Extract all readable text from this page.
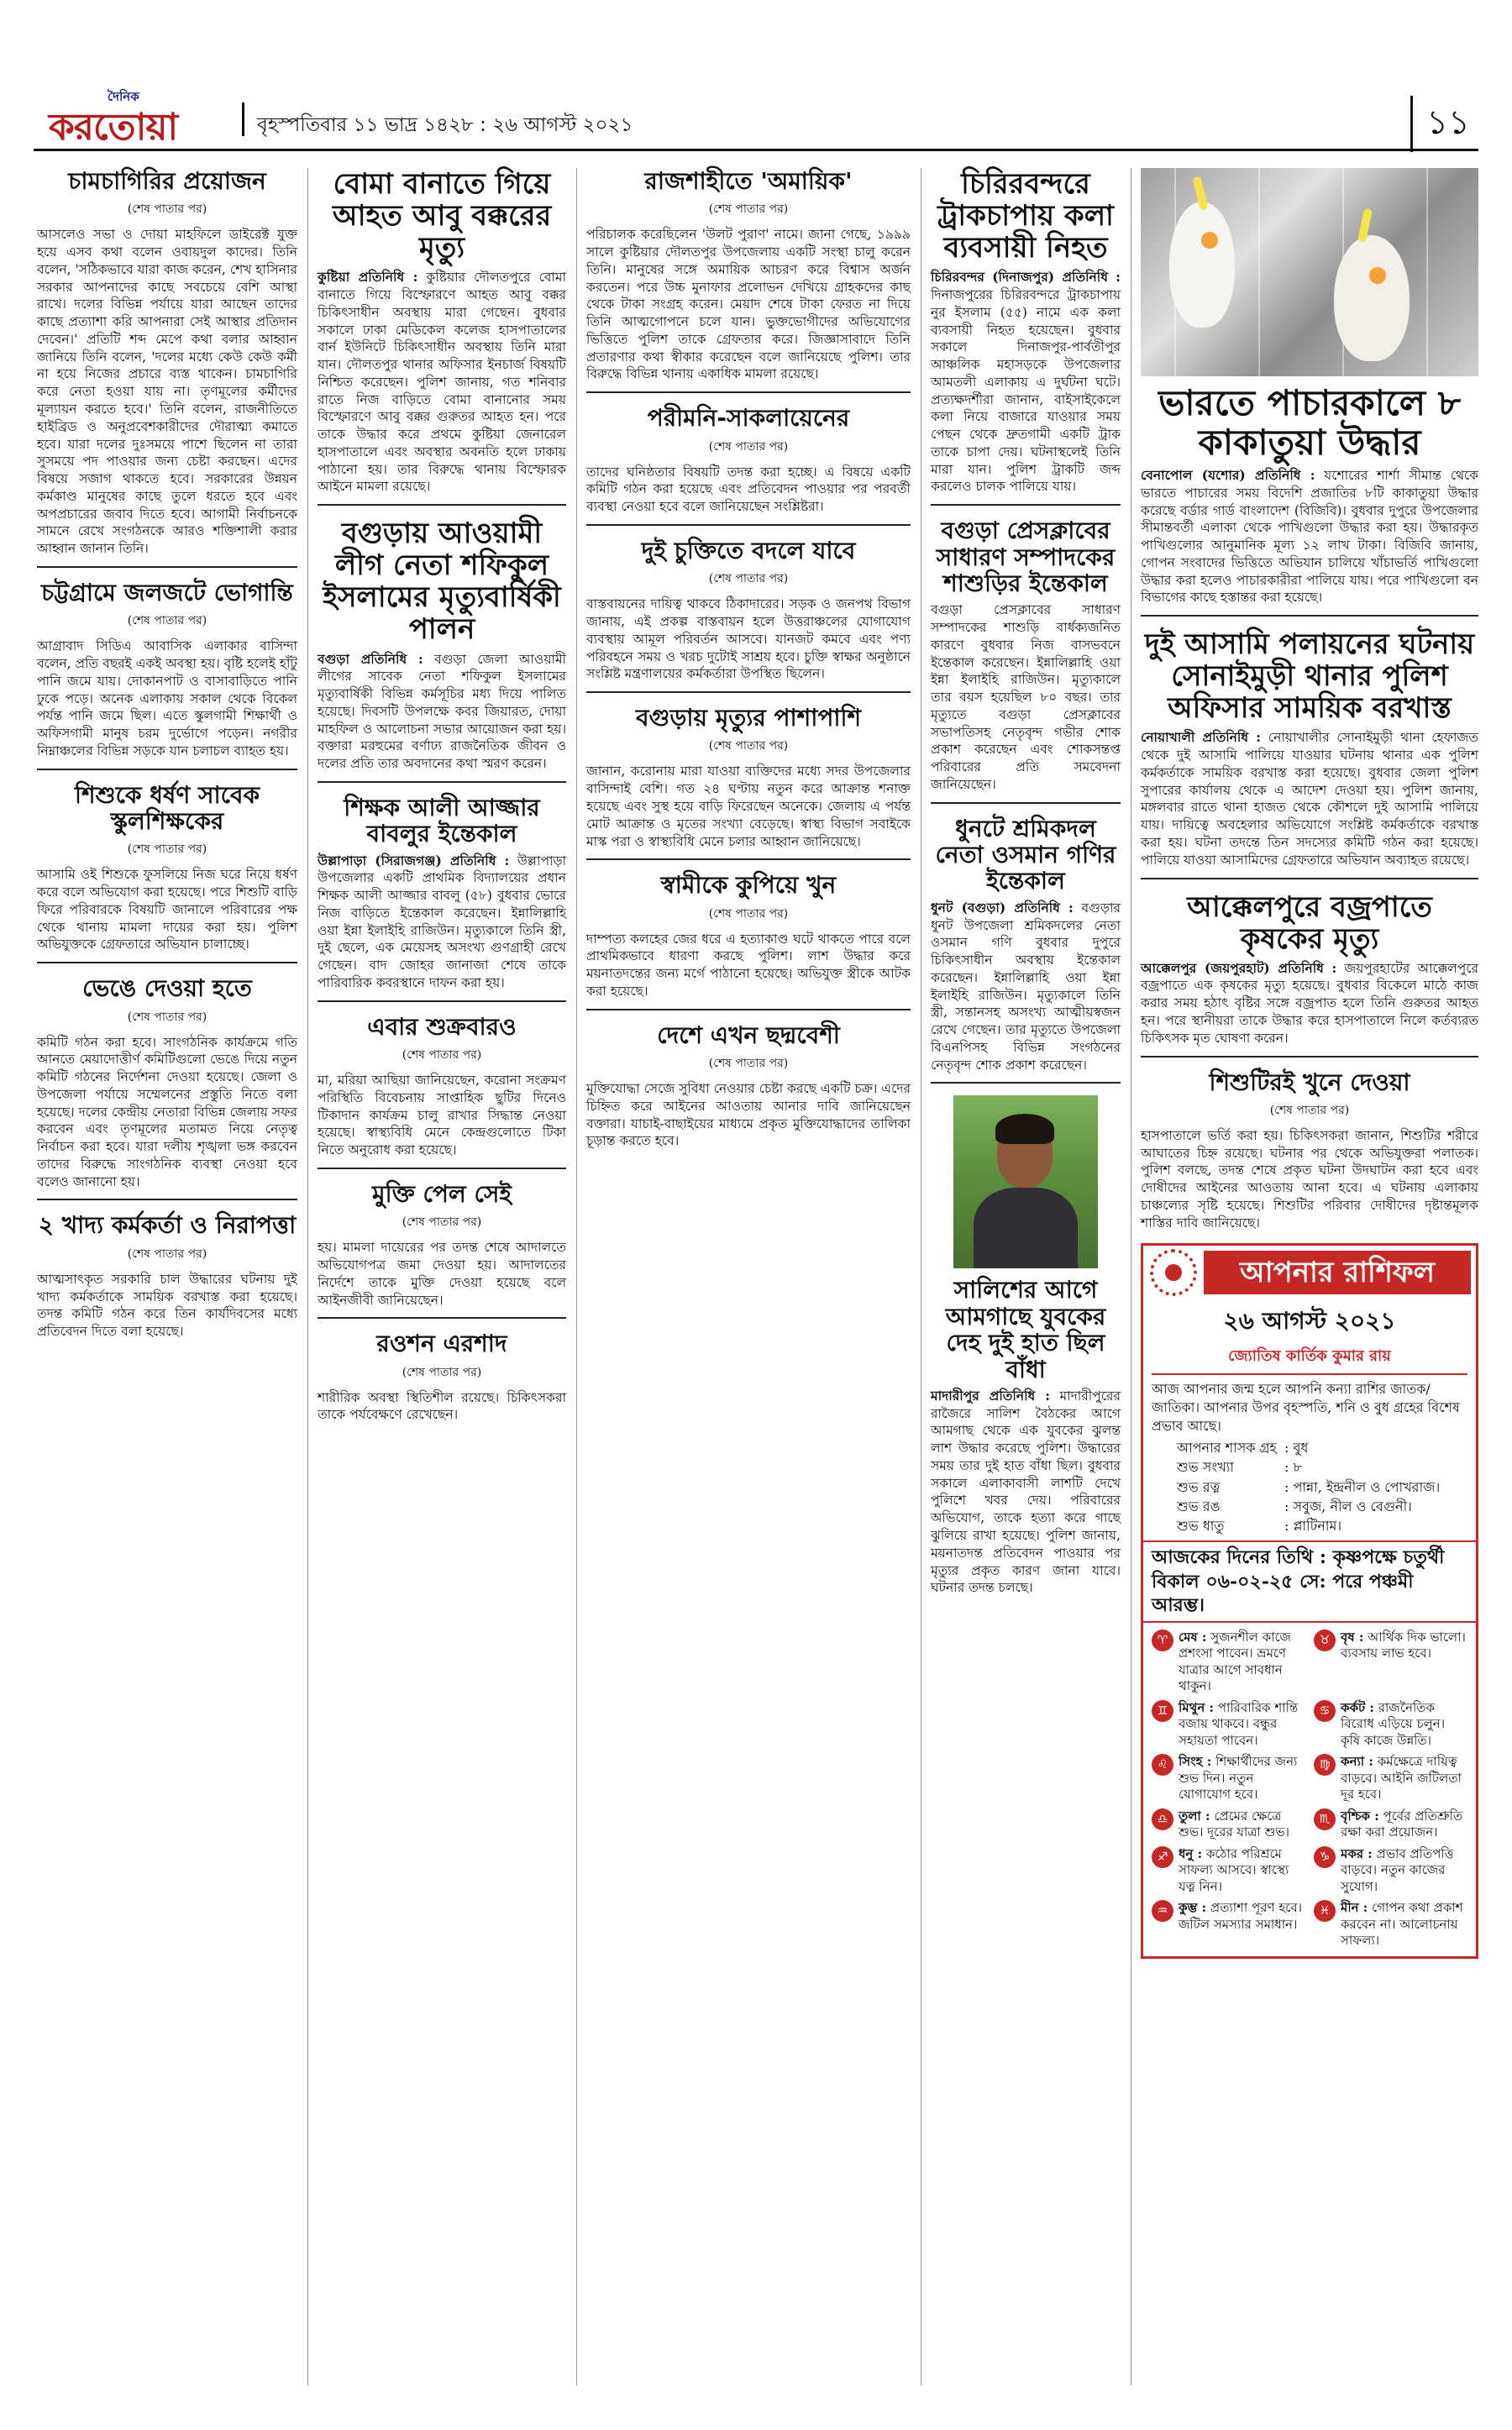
দৈনিক
করতোয়া	বৃহস্পতিবার ১১ ভাদ্র ১৪২৮ : ২৬ আগস্ট ২০২১	১১
চামচাগিরির প্রয়োজন
(শেষ পাতার পর)
আসলেও সভা ও দোয়া মাহফিলে ডাইরেক্ট যুক্ত হয়ে এসব কথা বলেন ওবায়দুল কাদের। তিনি বলেন, 'সঠিকভাবে যারা কাজ করেন, শেখ হাসিনার সরকার আপনাদের কাছে সবচেয়ে বেশি আস্থা রাখে। দলের বিভিন্ন পর্যায়ে যারা আছেন তাদের কাছে প্রত্যাশা করি আপনারা সেই আস্থার প্রতিদান দেবেন।' প্রতিটি শব্দ মেপে কথা বলার আহ্বান জানিয়ে তিনি বলেন, 'দলের মধ্যে কেউ কেউ কর্মী না হয়ে নিজের প্রচারে ব্যস্ত থাকেন। চামচাগিরি করে নেতা হওয়া যায় না। তৃণমূলের কর্মীদের মূল্যায়ন করতে হবে।' তিনি বলেন, রাজনীতিতে হাইব্রিড ও অনুপ্রবেশকারীদের দৌরাত্ম্য কমাতে হবে। যারা দলের দুঃসময়ে পাশে ছিলেন না তারা সুসময়ে পদ পাওয়ার জন্য চেষ্টা করছেন। এদের বিষয়ে সজাগ থাকতে হবে। সরকারের উন্নয়ন কর্মকাণ্ড মানুষের কাছে তুলে ধরতে হবে এবং অপপ্রচারের জবাব দিতে হবে। আগামী নির্বাচনকে সামনে রেখে সংগঠনকে আরও শক্তিশালী করার আহ্বান জানান তিনি।
চট্টগ্রামে জলজটে ভোগান্তি
(শেষ পাতার পর)
আগ্রাবাদ সিডিএ আবাসিক এলাকার বাসিন্দা বলেন, প্রতি বছরই একই অবস্থা হয়। বৃষ্টি হলেই হাঁটু পানি জমে যায়। দোকানপাট ও বাসাবাড়িতে পানি ঢুকে পড়ে। অনেক এলাকায় সকাল থেকে বিকেল পর্যন্ত পানি জমে ছিল। এতে স্কুলগামী শিক্ষার্থী ও অফিসগামী মানুষ চরম দুর্ভোগে পড়েন। নগরীর নিম্নাঞ্চলের বিভিন্ন সড়কে যান চলাচল ব্যাহত হয়।
শিশুকে ধর্ষণ সাবেক স্কুলশিক্ষকের
(শেষ পাতার পর)
আসামি ওই শিশুকে ফুসলিয়ে নিজ ঘরে নিয়ে ধর্ষণ করে বলে অভিযোগ করা হয়েছে। পরে শিশুটি বাড়ি ফিরে পরিবারকে বিষয়টি জানালে পরিবারের পক্ষ থেকে থানায় মামলা দায়ের করা হয়। পুলিশ অভিযুক্তকে গ্রেফতারে অভিযান চালাচ্ছে।
ভেঙে দেওয়া হতে
(শেষ পাতার পর)
কমিটি গঠন করা হবে। সাংগঠনিক কার্যক্রমে গতি আনতে মেয়াদোত্তীর্ণ কমিটিগুলো ভেঙে দিয়ে নতুন কমিটি গঠনের নির্দেশনা দেওয়া হয়েছে। জেলা ও উপজেলা পর্যায়ে সম্মেলনের প্রস্তুতি নিতে বলা হয়েছে। দলের কেন্দ্রীয় নেতারা বিভিন্ন জেলায় সফর করবেন এবং তৃণমূলের মতামত নিয়ে নেতৃত্ব নির্বাচন করা হবে। যারা দলীয় শৃঙ্খলা ভঙ্গ করবেন তাদের বিরুদ্ধে সাংগঠনিক ব্যবস্থা নেওয়া হবে বলেও জানানো হয়।
২ খাদ্য কর্মকর্তা ও নিরাপত্তা
(শেষ পাতার পর)
আত্মসাৎকৃত সরকারি চাল উদ্ধারের ঘটনায় দুই খাদ্য কর্মকর্তাকে সাময়িক বরখাস্ত করা হয়েছে। তদন্ত কমিটি গঠন করে তিন কার্যদিবসের মধ্যে প্রতিবেদন দিতে বলা হয়েছে।
বোমা বানাতে গিয়ে আহত আবু বক্করের মৃত্যু
কুষ্টিয়া প্রতিনিধি : কুষ্টিয়ার দৌলতপুরে বোমা বানাতে গিয়ে বিস্ফোরণে আহত আবু বক্কর চিকিৎসাধীন অবস্থায় মারা গেছেন। বুধবার সকালে ঢাকা মেডিকেল কলেজ হাসপাতালের বার্ন ইউনিটে চিকিৎসাধীন অবস্থায় তিনি মারা যান। দৌলতপুর থানার অফিসার ইনচার্জ বিষয়টি নিশ্চিত করেছেন। পুলিশ জানায়, গত শনিবার রাতে নিজ বাড়িতে বোমা বানানোর সময় বিস্ফোরণে আবু বক্কর গুরুতর আহত হন। পরে তাকে উদ্ধার করে প্রথমে কুষ্টিয়া জেনারেল হাসপাতালে এবং অবস্থার অবনতি হলে ঢাকায় পাঠানো হয়। তার বিরুদ্ধে থানায় বিস্ফোরক আইনে মামলা রয়েছে।
বগুড়ায় আওয়ামী লীগ নেতা শফিকুল ইসলামের মৃত্যুবার্ষিকী পালন
বগুড়া প্রতিনিধি : বগুড়া জেলা আওয়ামী লীগের সাবেক নেতা শফিকুল ইসলামের মৃত্যুবার্ষিকী বিভিন্ন কর্মসূচির মধ্য দিয়ে পালিত হয়েছে। দিবসটি উপলক্ষে কবর জিয়ারত, দোয়া মাহফিল ও আলোচনা সভার আয়োজন করা হয়। বক্তারা মরহুমের বর্ণাঢ্য রাজনৈতিক জীবন ও দলের প্রতি তার অবদানের কথা স্মরণ করেন।
শিক্ষক আলী আজ্জার বাবলুর ইন্তেকাল
উল্লাপাড়া (সিরাজগঞ্জ) প্রতিনিধি : উল্লাপাড়া উপজেলার একটি প্রাথমিক বিদ্যালয়ের প্রধান শিক্ষক আলী আজ্জার বাবলু (৫৮) বুধবার ভোরে নিজ বাড়িতে ইন্তেকাল করেছেন। ইন্নালিল্লাহি ওয়া ইন্না ইলাইহি রাজিউন। মৃত্যুকালে তিনি স্ত্রী, দুই ছেলে, এক মেয়েসহ অসংখ্য গুণগ্রাহী রেখে গেছেন। বাদ জোহর জানাজা শেষে তাকে পারিবারিক কবরস্থানে দাফন করা হয়।
এবার শুক্রবারও
(শেষ পাতার পর)
মা, মরিয়া আছিয়া জানিয়েছেন, করোনা সংক্রমণ পরিস্থিতি বিবেচনায় সাপ্তাহিক ছুটির দিনেও টিকাদান কার্যক্রম চালু রাখার সিদ্ধান্ত নেওয়া হয়েছে। স্বাস্থ্যবিধি মেনে কেন্দ্রগুলোতে টিকা নিতে অনুরোধ করা হয়েছে।
মুক্তি পেল সেই
(শেষ পাতার পর)
হয়। মামলা দায়েরের পর তদন্ত শেষে আদালতে অভিযোগপত্র জমা দেওয়া হয়। আদালতের নির্দেশে তাকে মুক্তি দেওয়া হয়েছে বলে আইনজীবী জানিয়েছেন।
রওশন এরশাদ
(শেষ পাতার পর)
শারীরিক অবস্থা স্থিতিশীল রয়েছে। চিকিৎসকরা তাকে পর্যবেক্ষণে রেখেছেন।
রাজশাহীতে 'অমায়িক'
(শেষ পাতার পর)
পরিচালক করেছিলেন 'উলট পুরাণ' নামে। জানা গেছে, ১৯৯৯ সালে কুষ্টিয়ার দৌলতপুর উপজেলায় একটি সংস্থা চালু করেন তিনি। মানুষের সঙ্গে অমায়িক আচরণ করে বিশ্বাস অর্জন করতেন। পরে উচ্চ মুনাফার প্রলোভন দেখিয়ে গ্রাহকদের কাছ থেকে টাকা সংগ্রহ করেন। মেয়াদ শেষে টাকা ফেরত না দিয়ে তিনি আত্মগোপনে চলে যান। ভুক্তভোগীদের অভিযোগের ভিত্তিতে পুলিশ তাকে গ্রেফতার করে। জিজ্ঞাসাবাদে তিনি প্রতারণার কথা স্বীকার করেছেন বলে জানিয়েছে পুলিশ। তার বিরুদ্ধে বিভিন্ন থানায় একাধিক মামলা রয়েছে।
পরীমনি-সাকলায়েনের
(শেষ পাতার পর)
তাদের ঘনিষ্ঠতার বিষয়টি তদন্ত করা হচ্ছে। এ বিষয়ে একটি কমিটি গঠন করা হয়েছে এবং প্রতিবেদন পাওয়ার পর পরবর্তী ব্যবস্থা নেওয়া হবে বলে জানিয়েছেন সংশ্লিষ্টরা।
দুই চুক্তিতে বদলে যাবে
(শেষ পাতার পর)
বাস্তবায়নের দায়িত্ব থাকবে ঠিকাদারের। সড়ক ও জনপথ বিভাগ জানায়, এই প্রকল্প বাস্তবায়ন হলে উত্তরাঞ্চলের যোগাযোগ ব্যবস্থায় আমূল পরিবর্তন আসবে। যানজট কমবে এবং পণ্য পরিবহনে সময় ও খরচ দুটোই সাশ্রয় হবে। চুক্তি স্বাক্ষর অনুষ্ঠানে সংশ্লিষ্ট মন্ত্রণালয়ের কর্মকর্তারা উপস্থিত ছিলেন।
বগুড়ায় মৃত্যুর পাশাপাশি
(শেষ পাতার পর)
জানান, করোনায় মারা যাওয়া ব্যক্তিদের মধ্যে সদর উপজেলার বাসিন্দাই বেশি। গত ২৪ ঘণ্টায় নতুন করে আক্রান্ত শনাক্ত হয়েছে এবং সুস্থ হয়ে বাড়ি ফিরেছেন অনেকে। জেলায় এ পর্যন্ত মোট আক্রান্ত ও মৃতের সংখ্যা বেড়েছে। স্বাস্থ্য বিভাগ সবাইকে মাস্ক পরা ও স্বাস্থ্যবিধি মেনে চলার আহ্বান জানিয়েছে।
স্বামীকে কুপিয়ে খুন
(শেষ পাতার পর)
দাম্পত্য কলহের জের ধরে এ হত্যাকাণ্ড ঘটে থাকতে পারে বলে প্রাথমিকভাবে ধারণা করছে পুলিশ। লাশ উদ্ধার করে ময়নাতদন্তের জন্য মর্গে পাঠানো হয়েছে। অভিযুক্ত স্ত্রীকে আটক করা হয়েছে।
দেশে এখন ছদ্মবেশী
(শেষ পাতার পর)
মুক্তিযোদ্ধা সেজে সুবিধা নেওয়ার চেষ্টা করছে একটি চক্র। এদের চিহ্নিত করে আইনের আওতায় আনার দাবি জানিয়েছেন বক্তারা। যাচাই-বাছাইয়ের মাধ্যমে প্রকৃত মুক্তিযোদ্ধাদের তালিকা চূড়ান্ত করতে হবে।
চিরিরবন্দরে ট্রাকচাপায় কলা ব্যবসায়ী নিহত
চিরিরবন্দর (দিনাজপুর) প্রতিনিধি : দিনাজপুরের চিরিরবন্দরে ট্রাকচাপায় নুর ইসলাম (৫৫) নামে এক কলা ব্যবসায়ী নিহত হয়েছেন। বুধবার সকালে দিনাজপুর-পার্বতীপুর আঞ্চলিক মহাসড়কে উপজেলার আমতলী এলাকায় এ দুর্ঘটনা ঘটে। প্রত্যক্ষদর্শীরা জানান, বাইসাইকেলে কলা নিয়ে বাজারে যাওয়ার সময় পেছন থেকে দ্রুতগামী একটি ট্রাক তাকে চাপা দেয়। ঘটনাস্থলেই তিনি মারা যান। পুলিশ ট্রাকটি জব্দ করলেও চালক পালিয়ে যায়।
বগুড়া প্রেসক্লাবের সাধারণ সম্পাদকের শাশুড়ির ইন্তেকাল
বগুড়া প্রেসক্লাবের সাধারণ সম্পাদকের শাশুড়ি বার্ধক্যজনিত কারণে বুধবার নিজ বাসভবনে ইন্তেকাল করেছেন। ইন্নালিল্লাহি ওয়া ইন্না ইলাইহি রাজিউন। মৃত্যুকালে তার বয়স হয়েছিল ৮০ বছর। তার মৃত্যুতে বগুড়া প্রেসক্লাবের সভাপতিসহ নেতৃবৃন্দ গভীর শোক প্রকাশ করেছেন এবং শোকসন্তপ্ত পরিবারের প্রতি সমবেদনা জানিয়েছেন।
ধুনটে শ্রমিকদল নেতা ওসমান গণির ইন্তেকাল
ধুনট (বগুড়া) প্রতিনিধি : বগুড়ার ধুনট উপজেলা শ্রমিকদলের নেতা ওসমান গণি বুধবার দুপুরে চিকিৎসাধীন অবস্থায় ইন্তেকাল করেছেন। ইন্নালিল্লাহি ওয়া ইন্না ইলাইহি রাজিউন। মৃত্যুকালে তিনি স্ত্রী, সন্তানসহ অসংখ্য আত্মীয়স্বজন রেখে গেছেন। তার মৃত্যুতে উপজেলা বিএনপিসহ বিভিন্ন সংগঠনের নেতৃবৃন্দ শোক প্রকাশ করেছেন।
সালিশের আগে আমগাছে যুবকের দেহ দুই হাত ছিল বাঁধা
মাদারীপুর প্রতিনিধি : মাদারীপুরের রাজৈরে সালিশ বৈঠকের আগে আমগাছ থেকে এক যুবকের ঝুলন্ত লাশ উদ্ধার করেছে পুলিশ। উদ্ধারের সময় তার দুই হাত বাঁধা ছিল। বুধবার সকালে এলাকাবাসী লাশটি দেখে পুলিশে খবর দেয়। পরিবারের অভিযোগ, তাকে হত্যা করে গাছে ঝুলিয়ে রাখা হয়েছে। পুলিশ জানায়, ময়নাতদন্ত প্রতিবেদন পাওয়ার পর মৃত্যুর প্রকৃত কারণ জানা যাবে। ঘটনার তদন্ত চলছে।
ভারতে পাচারকালে ৮ কাকাতুয়া উদ্ধার
বেনাপোল (যশোর) প্রতিনিধি : যশোরের শার্শা সীমান্ত থেকে ভারতে পাচারের সময় বিদেশি প্রজাতির ৮টি কাকাতুয়া উদ্ধার করেছে বর্ডার গার্ড বাংলাদেশ (বিজিবি)। বুধবার দুপুরে উপজেলার সীমান্তবর্তী এলাকা থেকে পাখিগুলো উদ্ধার করা হয়। উদ্ধারকৃত পাখিগুলোর আনুমানিক মূল্য ১২ লাখ টাকা। বিজিবি জানায়, গোপন সংবাদের ভিত্তিতে অভিযান চালিয়ে খাঁচাভর্তি পাখিগুলো উদ্ধার করা হলেও পাচারকারীরা পালিয়ে যায়। পরে পাখিগুলো বন বিভাগের কাছে হস্তান্তর করা হয়েছে।
দুই আসামি পলায়নের ঘটনায় সোনাইমুড়ী থানার পুলিশ অফিসার সাময়িক বরখাস্ত
নোয়াখালী প্রতিনিধি : নোয়াখালীর সোনাইমুড়ী থানা হেফাজত থেকে দুই আসামি পালিয়ে যাওয়ার ঘটনায় থানার এক পুলিশ কর্মকর্তাকে সাময়িক বরখাস্ত করা হয়েছে। বুধবার জেলা পুলিশ সুপারের কার্যালয় থেকে এ আদেশ দেওয়া হয়। পুলিশ জানায়, মঙ্গলবার রাতে থানা হাজত থেকে কৌশলে দুই আসামি পালিয়ে যায়। দায়িত্বে অবহেলার অভিযোগে সংশ্লিষ্ট কর্মকর্তাকে বরখাস্ত করা হয়। ঘটনা তদন্তে তিন সদস্যের কমিটি গঠন করা হয়েছে। পালিয়ে যাওয়া আসামিদের গ্রেফতারে অভিযান অব্যাহত রয়েছে।
আক্কেলপুরে বজ্রপাতে কৃষকের মৃত্যু
আক্কেলপুর (জয়পুরহাট) প্রতিনিধি : জয়পুরহাটের আক্কেলপুরে বজ্রপাতে এক কৃষকের মৃত্যু হয়েছে। বুধবার বিকেলে মাঠে কাজ করার সময় হঠাৎ বৃষ্টির সঙ্গে বজ্রপাত হলে তিনি গুরুতর আহত হন। পরে স্থানীয়রা তাকে উদ্ধার করে হাসপাতালে নিলে কর্তব্যরত চিকিৎসক মৃত ঘোষণা করেন।
শিশুটিরই খুনে দেওয়া
(শেষ পাতার পর)
হাসপাতালে ভর্তি করা হয়। চিকিৎসকরা জানান, শিশুটির শরীরে আঘাতের চিহ্ন রয়েছে। ঘটনার পর থেকে অভিযুক্তরা পলাতক। পুলিশ বলছে, তদন্ত শেষে প্রকৃত ঘটনা উদঘাটন করা হবে এবং দোষীদের আইনের আওতায় আনা হবে। এ ঘটনায় এলাকায় চাঞ্চল্যের সৃষ্টি হয়েছে। শিশুটির পরিবার দোষীদের দৃষ্টান্তমূলক শাস্তির দাবি জানিয়েছে।
আপনার রাশিফল
২৬ আগস্ট ২০২১
জ্যোতিষ কার্তিক কুমার রায়
আজ আপনার জন্ম হলে আপনি কন্যা রাশির জাতক/জাতিকা। আপনার উপর বৃহস্পতি, শনি ও বুধ গ্রহের বিশেষ প্রভাব আছে।
আপনার শাসক গ্রহ : বুধ
শুভ সংখ্যা	: ৮
শুভ রত্ন	: পান্না, ইন্দ্রনীল ও পোখরাজ।
শুভ রঙ	: সবুজ, নীল ও বেগুনী।
শুভ ধাতু	: প্লাটিনাম।
আজকের দিনের তিথি : কৃষ্ণপক্ষে চতুর্থী বিকাল ০৬-০২-২৫ সে: পরে পঞ্চমী আরম্ভ।
♈ মেষ : সুজনশীল কাজে প্রশংসা পাবেন। ভ্রমণে যাত্রার আগে সাবধান থাকুন।
♉ বৃষ : আর্থিক দিক ভালো। ব্যবসায় লাভ হবে।
♊ মিথুন : পারিবারিক শান্তি বজায় থাকবে। বন্ধুর সহায়তা পাবেন।
♋ কর্কট : রাজনৈতিক বিরোধ এড়িয়ে চলুন। কৃষি কাজে উন্নতি।
♌ সিংহ : শিক্ষার্থীদের জন্য শুভ দিন। নতুন যোগাযোগ হবে।
♍ কন্যা : কর্মক্ষেত্রে দায়িত্ব বাড়বে। আইনি জটিলতা দূর হবে।
♎ তুলা : প্রেমের ক্ষেত্রে শুভ। দূরের যাত্রা শুভ।
♏ বৃশ্চিক : পূর্বের প্রতিশ্রুতি রক্ষা করা প্রয়োজন।
♐ ধনু : কঠোর পরিশ্রমে সাফল্য আসবে। স্বাস্থ্যে যত্ন নিন।
♑ মকর : প্রভাব প্রতিপত্তি বাড়বে। নতুন কাজের সুযোগ।
♒ কুম্ভ : প্রত্যাশা পূরণ হবে। জটিল সমস্যার সমাধান।
♓ মীন : গোপন কথা প্রকাশ করবেন না। আলোচনায় সাফল্য।
